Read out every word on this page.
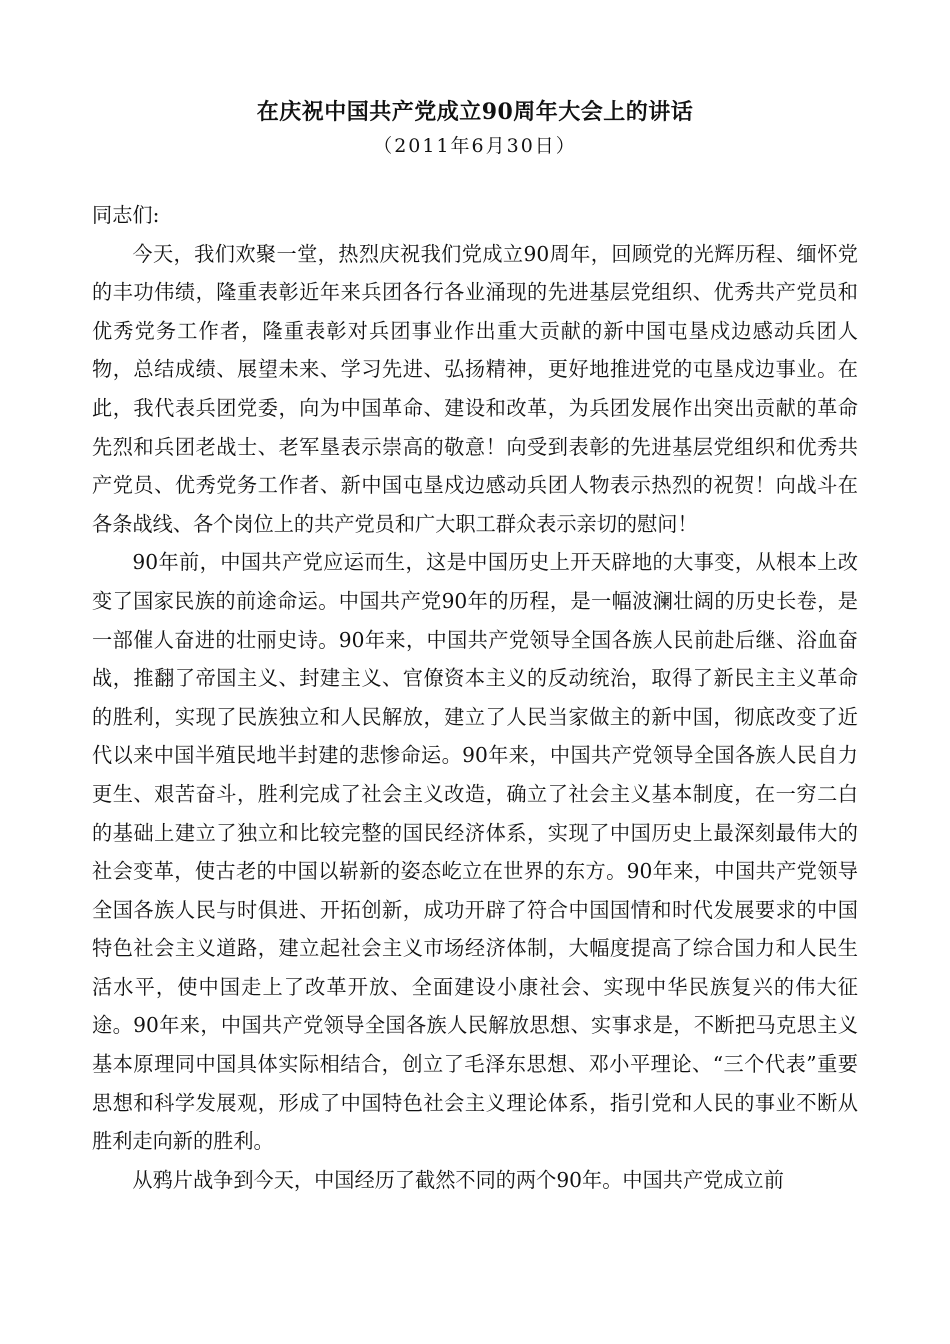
在庆祝中国共产党成立90周年大会上的讲话
（2011年6月30日）

同志们:

今天，我们欢聚一堂，热烈庆祝我们党成立90周年，回顾党的光辉历程、缅怀党的丰功伟绩，隆重表彰近年来兵团各行各业涌现的先进基层党组织、优秀共产党员和优秀党务工作者，隆重表彰对兵团事业作出重大贡献的新中国屯垦戍边感动兵团人物，总结成绩、展望未来、学习先进、弘扬精神，更好地推进党的屯垦戍边事业。在此，我代表兵团党委，向为中国革命、建设和改革，为兵团发展作出突出贡献的革命先烈和兵团老战士、老军垦表示崇高的敬意！向受到表彰的先进基层党组织和优秀共产党员、优秀党务工作者、新中国屯垦戍边感动兵团人物表示热烈的祝贺！向战斗在各条战线、各个岗位上的共产党员和广大职工群众表示亲切的慰问！

90年前，中国共产党应运而生，这是中国历史上开天辟地的大事变，从根本上改变了国家民族的前途命运。中国共产党90年的历程，是一幅波澜壮阔的历史长卷，是一部催人奋进的壮丽史诗。90年来，中国共产党领导全国各族人民前赴后继、浴血奋战，推翻了帝国主义、封建主义、官僚资本主义的反动统治，取得了新民主主义革命的胜利，实现了民族独立和人民解放，建立了人民当家做主的新中国，彻底改变了近代以来中国半殖民地半封建的悲惨命运。90年来，中国共产党领导全国各族人民自力更生、艰苦奋斗，胜利完成了社会主义改造，确立了社会主义基本制度，在一穷二白的基础上建立了独立和比较完整的国民经济体系，实现了中国历史上最深刻最伟大的社会变革，使古老的中国以崭新的姿态屹立在世界的东方。90年来，中国共产党领导全国各族人民与时俱进、开拓创新，成功开辟了符合中国国情和时代发展要求的中国特色社会主义道路，建立起社会主义市场经济体制，大幅度提高了综合国力和人民生活水平，使中国走上了改革开放、全面建设小康社会、实现中华民族复兴的伟大征途。90年来，中国共产党领导全国各族人民解放思想、实事求是，不断把马克思主义基本原理同中国具体实际相结合，创立了毛泽东思想、邓小平理论、“三个代表”重要思想和科学发展观，形成了中国特色社会主义理论体系，指引党和人民的事业不断从胜利走向新的胜利。

从鸦片战争到今天，中国经历了截然不同的两个90年。中国共产党成立前
